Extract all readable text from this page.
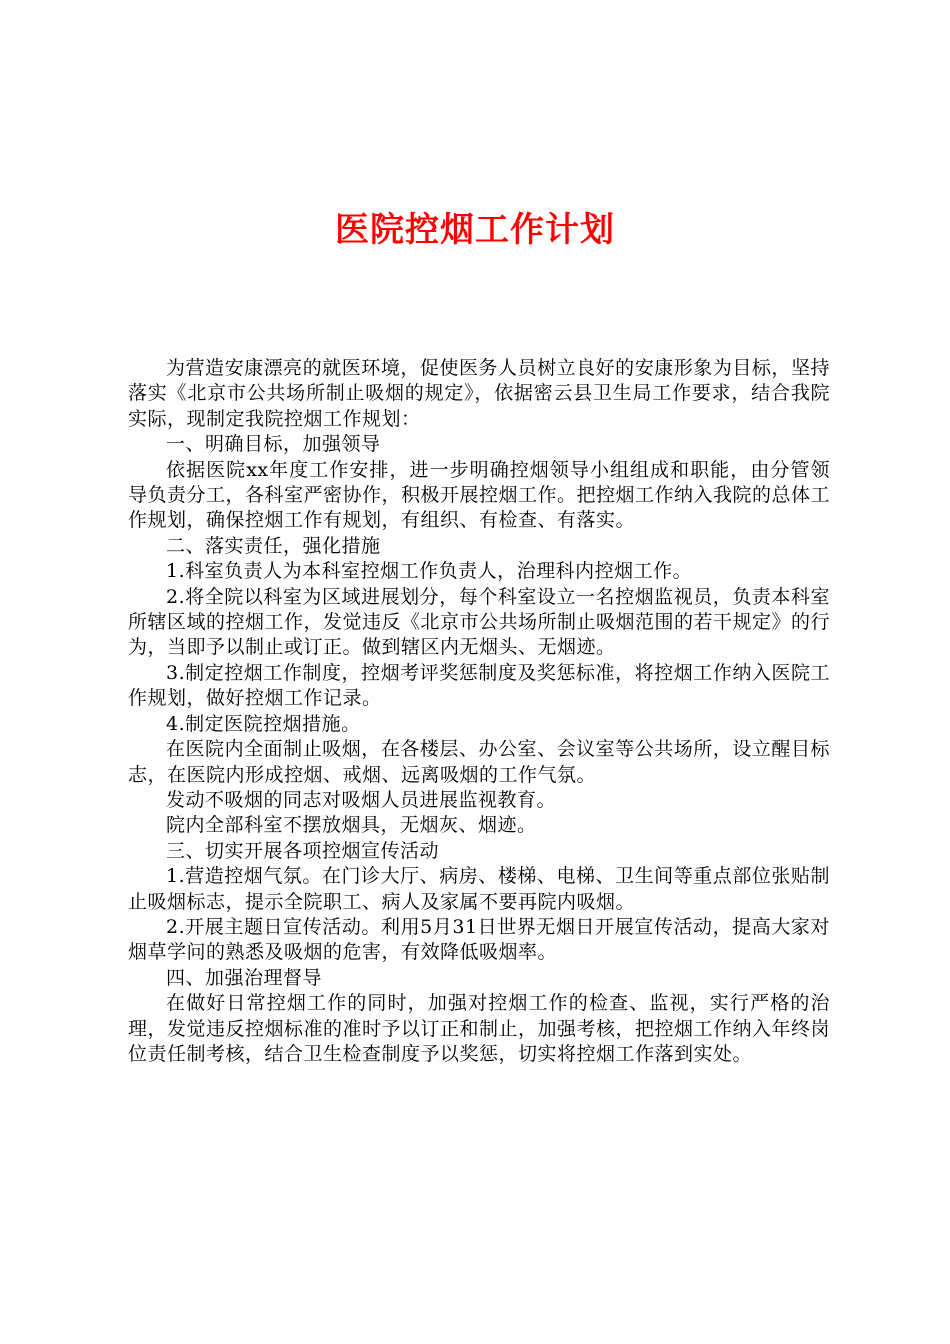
医院控烟工作计划

为营造安康漂亮的就医环境，促使医务人员树立良好的安康形象为目标，坚持落实《北京市公共场所制止吸烟的规定》，依据密云县卫生局工作要求，结合我院实际，现制定我院控烟工作规划：

一、明确目标，加强领导

依据医院xx年度工作安排，进一步明确控烟领导小组组成和职能，由分管领导负责分工，各科室严密协作，积极开展控烟工作。把控烟工作纳入我院的总体工作规划，确保控烟工作有规划，有组织、有检查、有落实。

二、落实责任，强化措施

1.科室负责人为本科室控烟工作负责人，治理科内控烟工作。

2.将全院以科室为区域进展划分，每个科室设立一名控烟监视员，负责本科室所辖区域的控烟工作，发觉违反《北京市公共场所制止吸烟范围的若干规定》的行为，当即予以制止或订正。做到辖区内无烟头、无烟迹。

3.制定控烟工作制度，控烟考评奖惩制度及奖惩标准，将控烟工作纳入医院工作规划，做好控烟工作记录。

4.制定医院控烟措施。

在医院内全面制止吸烟，在各楼层、办公室、会议室等公共场所，设立醒目标志，在医院内形成控烟、戒烟、远离吸烟的工作气氛。

发动不吸烟的同志对吸烟人员进展监视教育。

院内全部科室不摆放烟具，无烟灰、烟迹。

三、切实开展各项控烟宣传活动

1.营造控烟气氛。在门诊大厅、病房、楼梯、电梯、卫生间等重点部位张贴制止吸烟标志，提示全院职工、病人及家属不要再院内吸烟。

2.开展主题日宣传活动。利用5月31日世界无烟日开展宣传活动，提高大家对烟草学问的熟悉及吸烟的危害，有效降低吸烟率。

四、加强治理督导

在做好日常控烟工作的同时，加强对控烟工作的检查、监视，实行严格的治理，发觉违反控烟标准的准时予以订正和制止，加强考核，把控烟工作纳入年终岗位责任制考核，结合卫生检查制度予以奖惩，切实将控烟工作落到实处。
